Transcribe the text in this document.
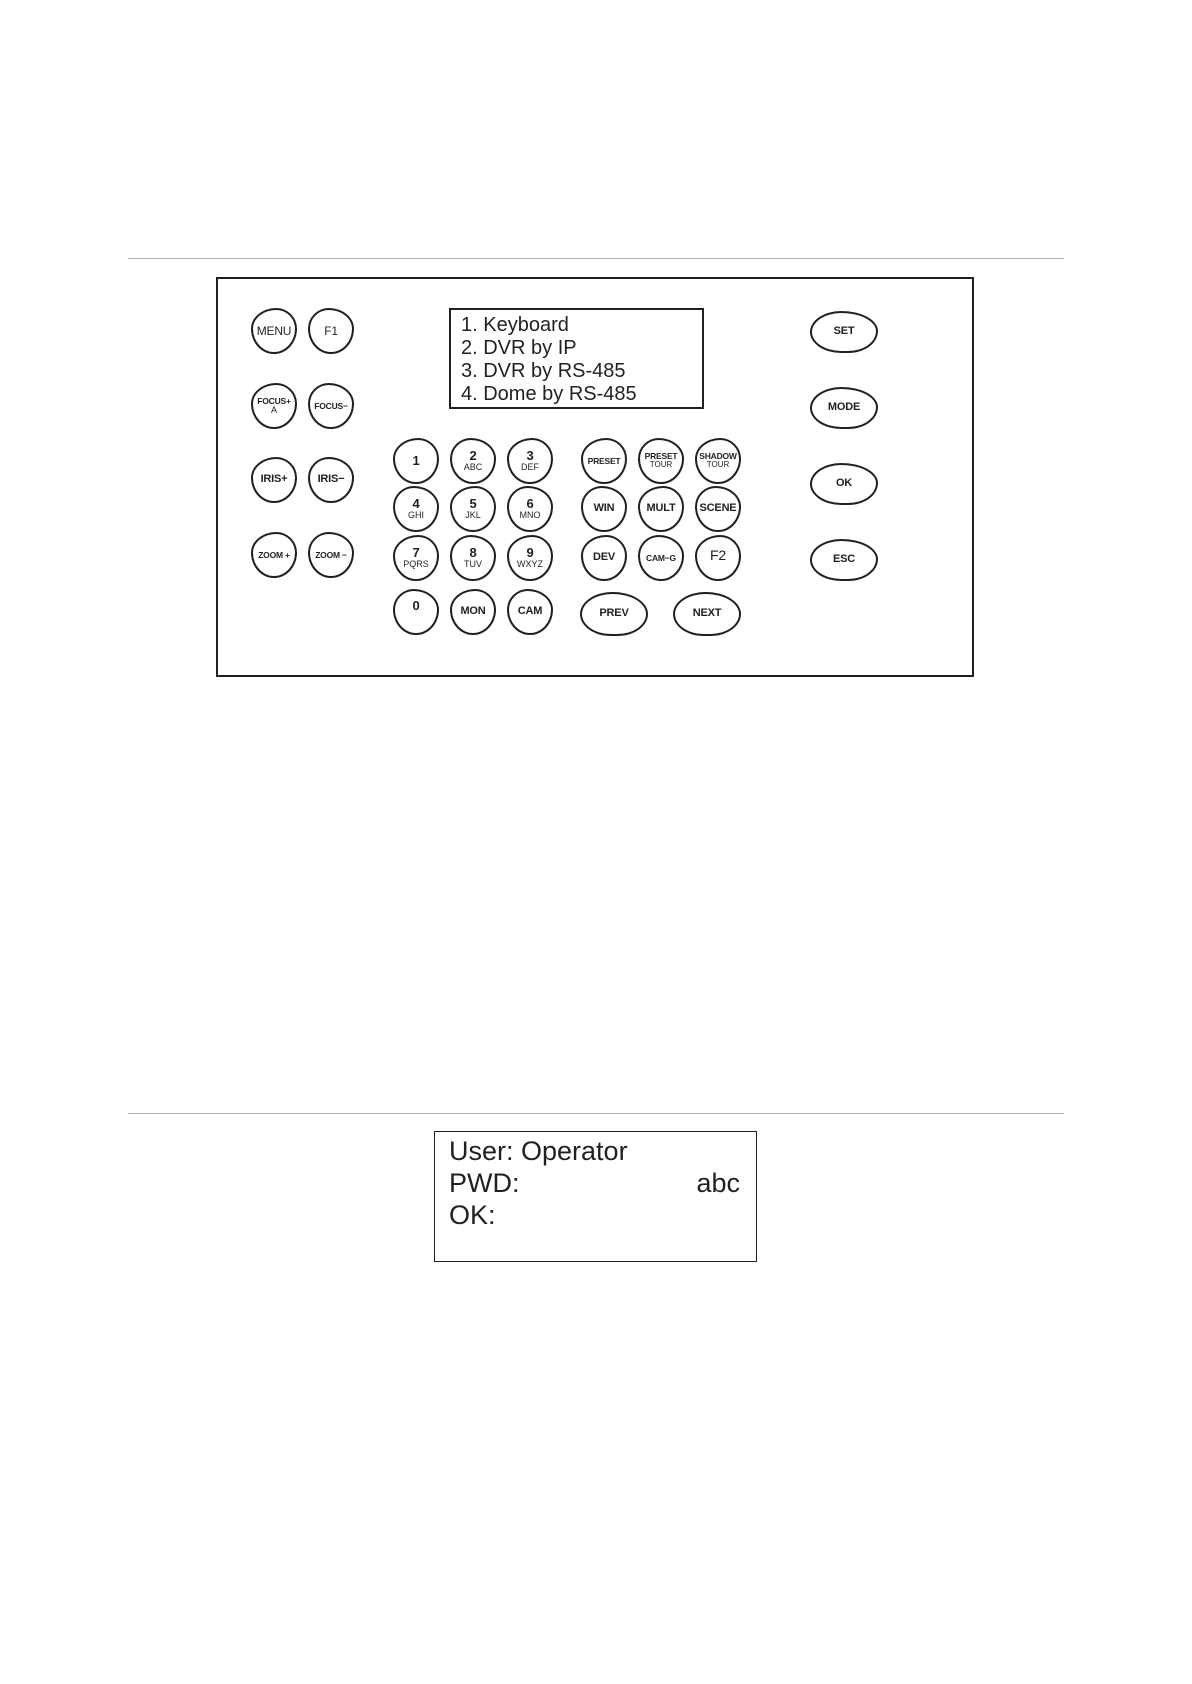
1. Keyboard
2. DVR by IP
3. DVR by RS-485
4. Dome by RS-485
MENU	F1
FOCUS+
A	FOCUS−
IRIS+	IRIS−
ZOOM +	ZOOM −
1	2
ABC
3
DEF
4
GHI
5
JKL
6
MNO
7
PQRS
8
TUV
9
WXYZ
0	MON	CAM
PRESET	PRESET
TOUR
SHADOW
TOUR
WIN	MULT SCENE
DEV	CAM−G F2
PREV	NEXT
SET
MODE
OK
ESC
User: Operator
PWD:	abc
OK:
